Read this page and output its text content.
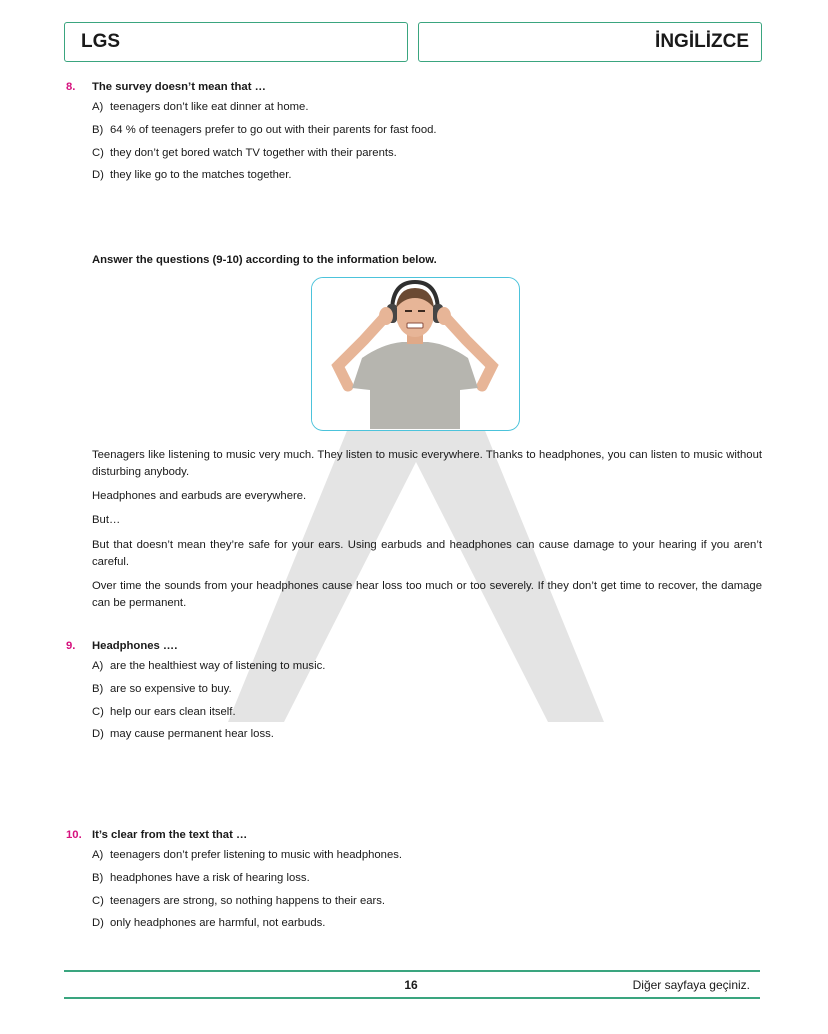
LGS	İNGİLİZCE
8.	The survey doesn’t mean that …
A) teenagers don’t like eat dinner at home.
B) 64 % of teenagers prefer to go out with their parents for fast food.
C) they don’t get bored watch TV together with their parents.
D) they like go to the matches together.
Answer the questions (9-10) according to the information below.

Teenagers like listening to music very much. They listen to music everywhere. Thanks to headphones, you can listen to music without disturbing anybody.

Headphones and earbuds are everywhere.

But…

But that doesn’t mean they’re safe for your ears. Using earbuds and headphones can cause damage to your hearing if you aren’t careful.

Over time the sounds from your headphones cause hear loss too much or too severely. If they don’t get time to recover, the damage can be permanent.

9.	Headphones ….
A) are the healthiest way of listening to music.
B) are so expensive to buy.
C) help our ears clean itself.
D) may cause permanent hear loss.
10. It’s clear from the text that …
A) teenagers don’t prefer listening to music with headphones.
B) headphones have a risk of hearing loss.
C) teenagers are strong, so nothing happens to their ears.
D) only headphones are harmful, not earbuds.
16	Diğer sayfaya geçiniz.
